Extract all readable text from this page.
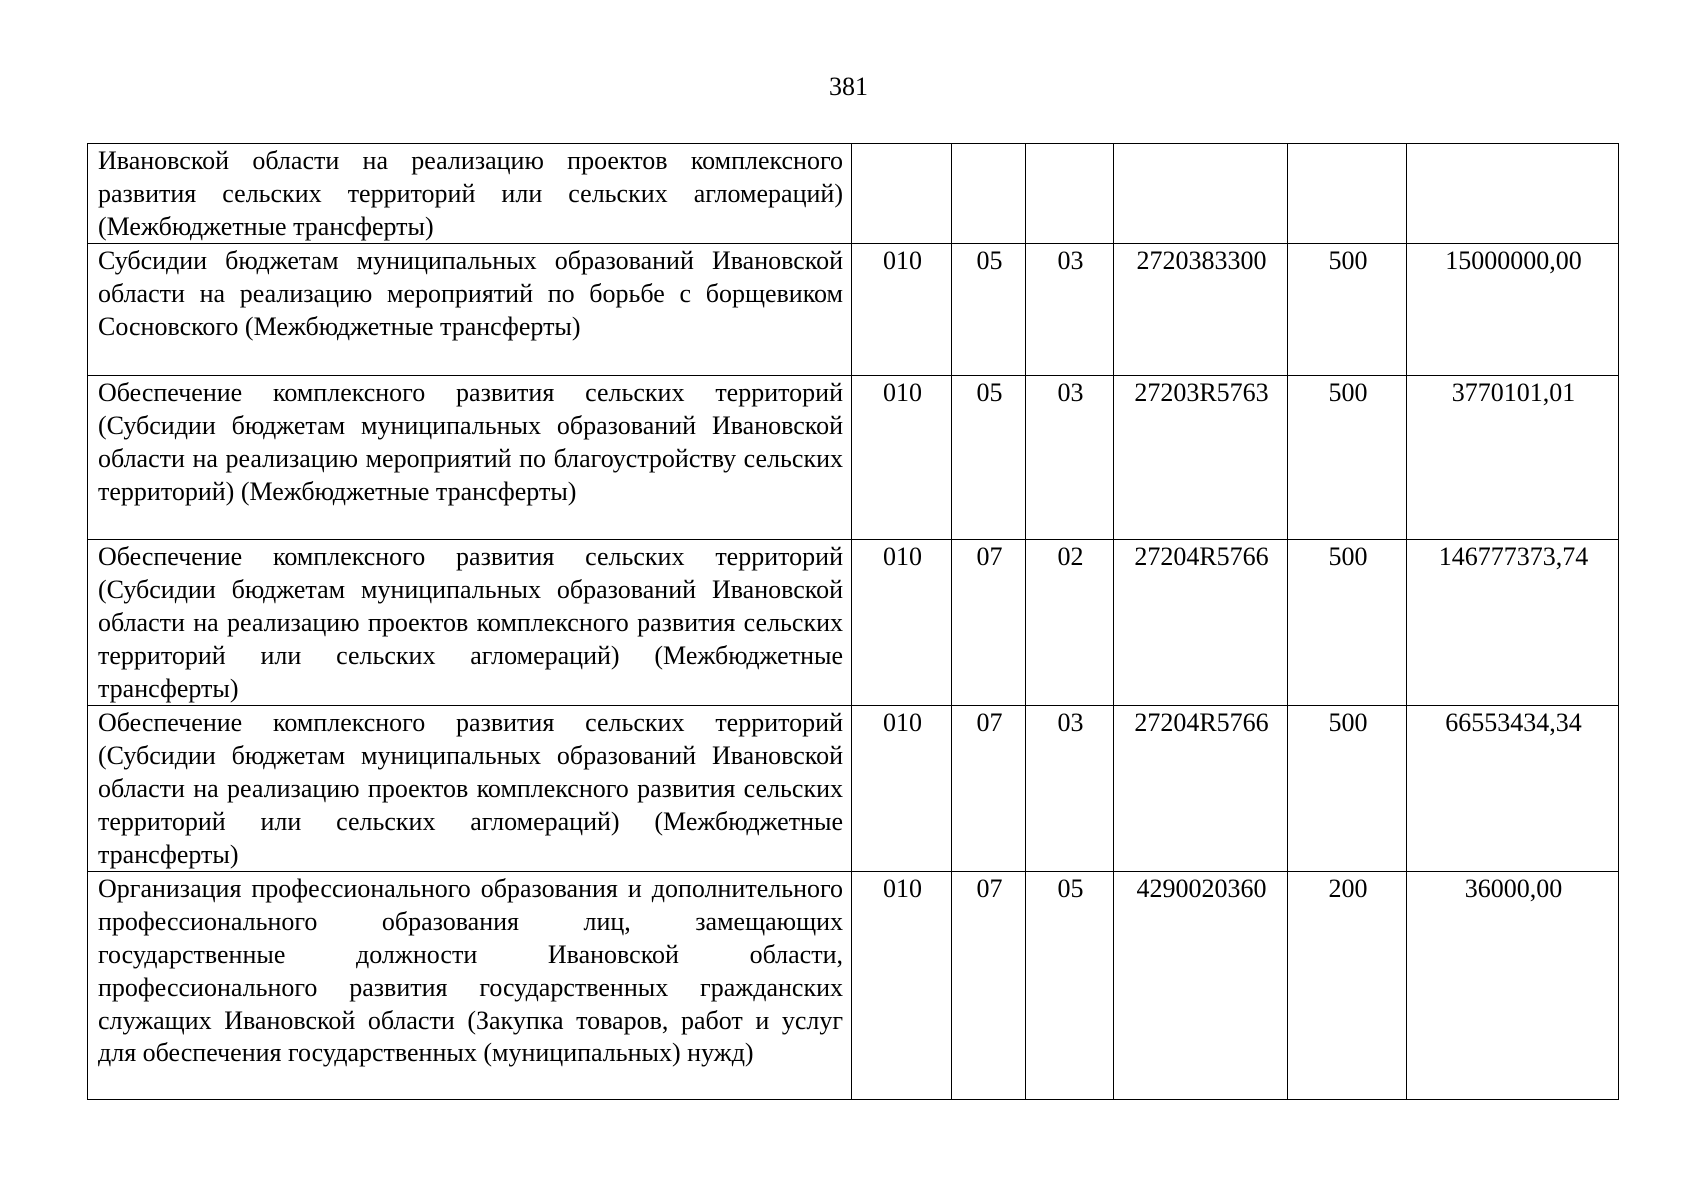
381
Ивановской области на реализацию проектов комплексного развития сельских территорий или сельских агломераций) (Межбюджетные трансферты)						
Субсидии бюджетам муниципальных образований Ивановской области на реализацию мероприятий по борьбе с борщевиком Сосновского (Межбюджетные трансферты)	010	05	03	2720383300	500	15000000,00
Обеспечение комплексного развития сельских территорий (Субсидии бюджетам муниципальных образований Ивановской области на реализацию мероприятий по благоустройству сельских территорий) (Межбюджетные трансферты)	010	05	03	27203R5763	500	3770101,01
Обеспечение комплексного развития сельских территорий (Субсидии бюджетам муниципальных образований Ивановской области на реализацию проектов комплексного развития сельских территорий или сельских агломераций) (Межбюджетные трансферты)	010	07	02	27204R5766	500	146777373,74
Обеспечение комплексного развития сельских территорий (Субсидии бюджетам муниципальных образований Ивановской области на реализацию проектов комплексного развития сельских территорий или сельских агломераций) (Межбюджетные трансферты)	010	07	03	27204R5766	500	66553434,34
Организация профессионального образования и дополнительного профессионального образования лиц, замещающих государственные должности Ивановской области, профессионального развития государственных гражданских служащих Ивановской области (Закупка товаров, работ и услуг для обеспечения государственных (муниципальных) нужд)	010	07	05	4290020360	200	36000,00
